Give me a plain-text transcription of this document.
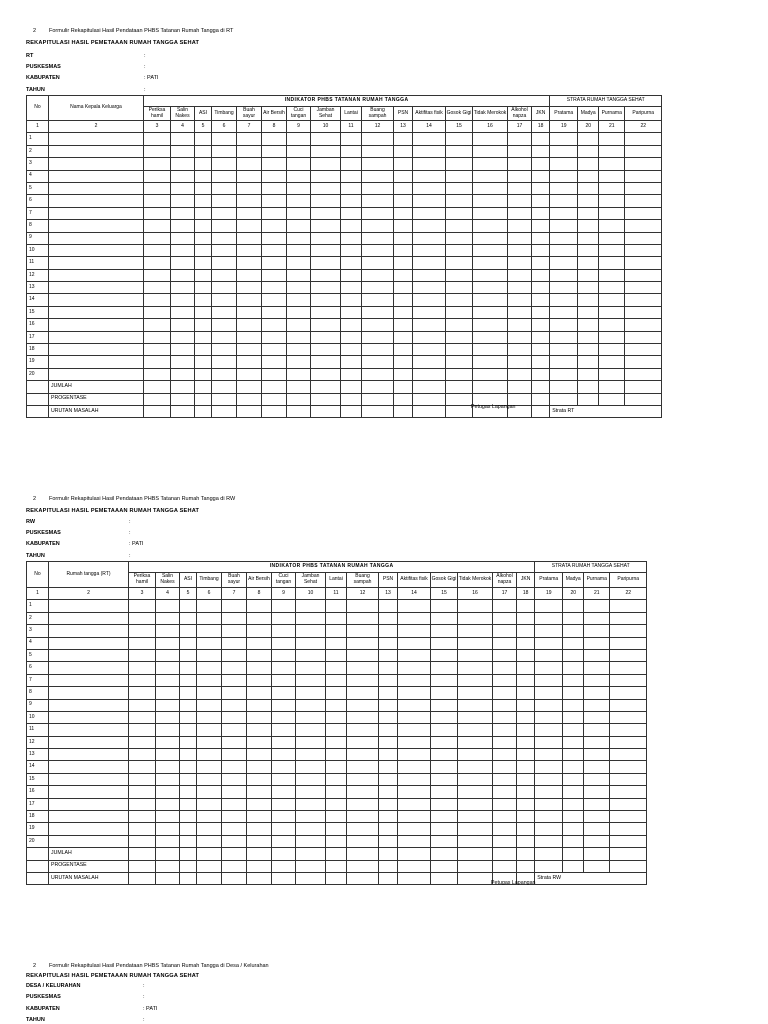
2 Formulir Rekapitulasi Hasil Pendataan PHBS Tatanan Rumah Tangga di RT
REKAPITULASI HASIL PEMETAAAN RUMAH TANGGA SEHAT
RT	:
PUSKESMAS	:
KABUPATEN	: PATI
TAHUN	:
No	Nama Kepala Keluarga	INDIKATOR PHBS TATANAN RUMAH TANGGA																STRATA RUMAH TANGGA SEHAT			
		Periksa hamil	Salin Nakes	ASI	Timbang	Buah sayur	Air Bersih	Cuci tangan	Jamban Sehat	Lantai	Buang sampah	PSN	Aktifitas fisik	Gosok Gigi	Tidak Merokok	Alkohol napza	JKN	Pratama	Madya	Purnama	Paripurna
1	2	3	4	5	6	7	8	9	10	11	12	13	14	15	16	17	18	19	20	21	22
1																					
2																					
3																					
4																					
5																					
6																					
7																					
8																					
9																					
10																					
11																					
12																					
13																					
14																					
15																					
16																					
17																					
18																					
19																					
20																					
	JUMLAH																				
	PROGENTASE																				
	URUTAN MASALAH																	Strata RT			
Petugas Lapangan
2 Formulir Rekapitulasi Hasil Pendataan PHBS Tatanan Rumah Tangga di RW
REKAPITULASI HASIL PEMETAAAN RUMAH TANGGA SEHAT
RW	:
PUSKESMAS	:
KABUPATEN	: PATI
TAHUN	:
No	Rumah tangga (RT)	INDIKATOR PHBS TATANAN RUMAH TANGGA																STRATA RUMAH TANGGA SEHAT			
		Periksa hamil	Salin Nakes	ASI	Timbang	Buah sayur	Air Bersih	Cuci tangan	Jamban Sehat	Lantai	Buang sampah	PSN	Aktifitas fisik	Gosok Gigi	Tidak Merokok	Alkohol napza	JKN	Pratama	Madya	Purnama	Paripurna
1	2	3	4	5	6	7	8	9	10	11	12	13	14	15	16	17	18	19	20	21	22
1																					
2																					
3																					
4																					
5																					
6																					
7																					
8																					
9																					
10																					
11																					
12																					
13																					
14																					
15																					
16																					
17																					
18																					
19																					
20																					
	JUMLAH																				
	PROGENTASE																				
	URUTAN MASALAH																	Strata RW			
Petugas Lapangan
2 Formulir Rekapitulasi Hasil Pendataan PHBS Tatanan Rumah Tangga di Desa / Kelurahan
REKAPITULASI HASIL PEMETAAAN RUMAH TANGGA SEHAT
DESA / KELURAHAN	:
PUSKESMAS	:
KABUPATEN	: PATI
TAHUN	:
